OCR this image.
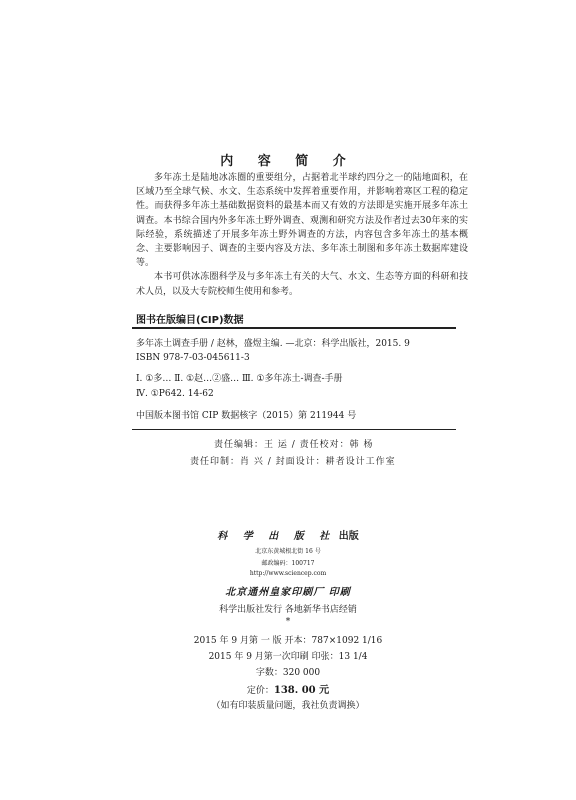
内 容 简 介

多年冻土是陆地冰冻圈的重要组分，占据着北半球约四分之一的陆地面积，在区域乃至全球气候、水文、生态系统中发挥着重要作用，并影响着寒区工程的稳定性。而获得多年冻土基础数据资料的最基本而又有效的方法即是实施开展多年冻土调查。本书综合国内外多年冻土野外调查、观测和研究方法及作者过去30年来的实际经验，系统描述了开展多年冻土野外调查的方法，内容包含多年冻土的基本概念、主要影响因子、调查的主要内容及方法、多年冻土制图和多年冻土数据库建设等。

本书可供冰冻圈科学及与多年冻土有关的大气、水文、生态等方面的科研和技术人员，以及大专院校师生使用和参考。

图书在版编目(CIP)数据
多年冻土调查手册 / 赵林，盛煜主编. —北京：科学出版社，2015. 9
ISBN 978-7-03-045611-3
Ⅰ. ①多… Ⅱ. ①赵…②盛… Ⅲ. ①多年冻土-调查-手册
Ⅳ. ①P642. 14-62
中国版本图书馆 CIP 数据核字（2015）第 211944 号
责任编辑：王 运 / 责任校对：韩 杨
责任印制：肖 兴 / 封面设计：耕者设计工作室
科 学 出 版 社 出版
北京东黄城根北街 16 号
邮政编码：100717
http://www.sciencep.com
北京通州皇家印刷厂 印刷
科学出版社发行 各地新华书店经销
*
2015 年 9 月第 一 版 开本：787×1092 1/16
2015 年 9 月第一次印刷 印张：13 1/4
字数：320 000
定价：138. 00 元
（如有印装质量问题，我社负责调换）
